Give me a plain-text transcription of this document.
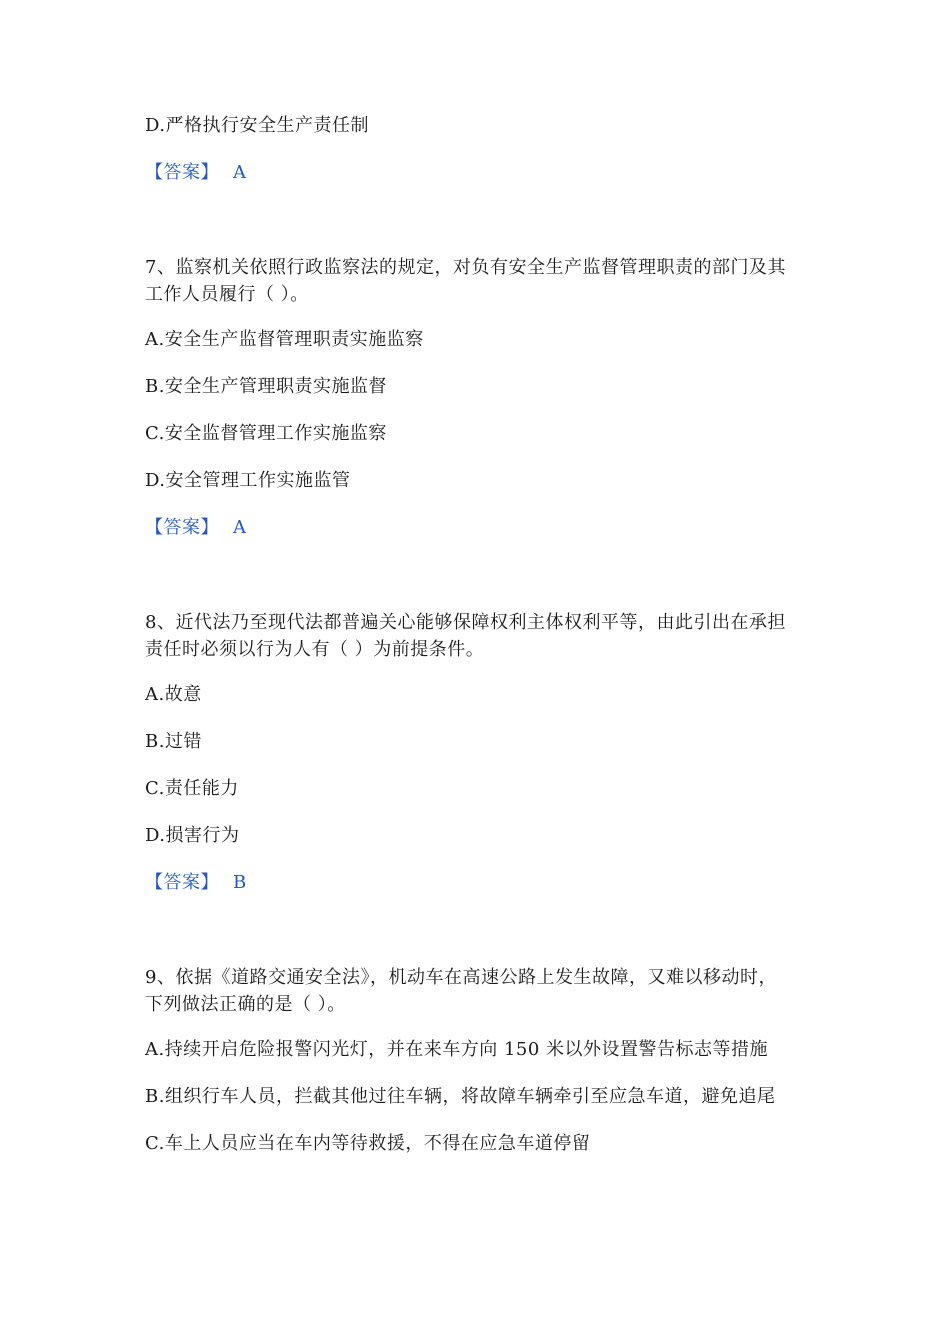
D.严格执行安全生产责任制
【答案】 A
7、监察机关依照行政监察法的规定，对负有安全生产监督管理职责的部门及其
工作人员履行（ ）。
A.安全生产监督管理职责实施监察
B.安全生产管理职责实施监督
C.安全监督管理工作实施监察
D.安全管理工作实施监管
【答案】 A
8、近代法乃至现代法都普遍关心能够保障权利主体权利平等，由此引出在承担
责任时必须以行为人有（ ）为前提条件。
A.故意
B.过错
C.责任能力
D.损害行为
【答案】 B
9、依据《道路交通安全法》，机动车在高速公路上发生故障，又难以移动时，
下列做法正确的是（ ）。
A.持续开启危险报警闪光灯，并在来车方向 150 米以外设置警告标志等措施
B.组织行车人员，拦截其他过往车辆，将故障车辆牵引至应急车道，避免追尾
C.车上人员应当在车内等待救援，不得在应急车道停留
